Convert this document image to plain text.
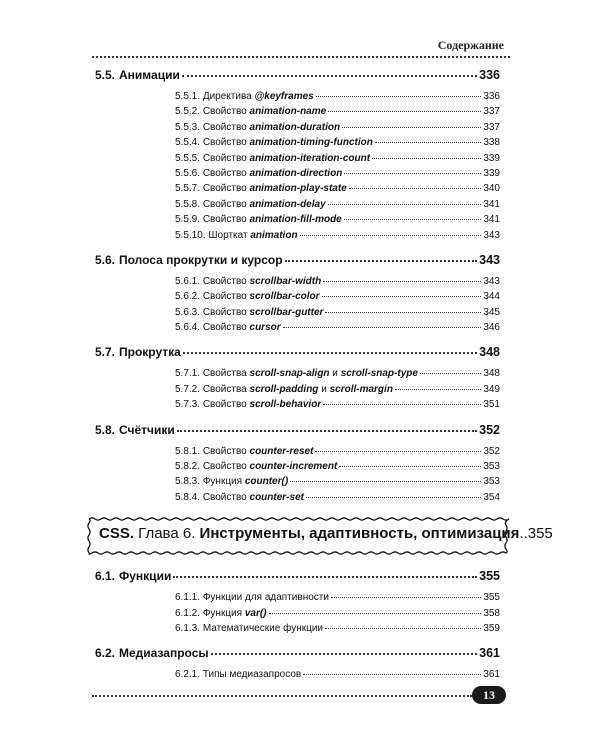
Содержание
5.5. Анимации	336
5.5.1. Директива @keyframes	336
5.5.2. Свойство animation-name	337
5.5.3. Свойство animation-duration	337
5.5.4. Свойство animation-timing-function	338
5.5.5. Свойство animation-iteration-count	339
5.5.6. Свойство animation-direction	339
5.5.7. Свойство animation-play-state	340
5.5.8. Свойство animation-delay	341
5.5.9. Свойство animation-fill-mode	341
5.5.10. Шорткат animation	343
5.6. Полоса прокрутки и курсор	343
5.6.1. Свойство scrollbar-width	343
5.6.2. Свойство scrollbar-color	344
5.6.3. Свойство scrollbar-gutter	345
5.6.4. Свойство cursor	346
5.7. Прокрутка	348
5.7.1. Свойства scroll-snap-align и scroll-snap-type	348
5.7.2. Свойства scroll-padding и scroll-margin	349
5.7.3. Свойство scroll-behavior	351
5.8. Счётчики	352
5.8.1. Свойство counter-reset	352
5.8.2. Свойство counter-increment	353
5.8.3. Функция counter()	353
5.8.4. Свойство counter-set	354
CSS. Глава 6. Инструменты, адаптивность, оптимизация..355
6.1. Функции	355
6.1.1. Функции для адаптивности	355
6.1.2. Функция var()	358
6.1.3. Математические функции	359
6.2. Медиазапросы	361
6.2.1. Типы медиазапросов	361
13
